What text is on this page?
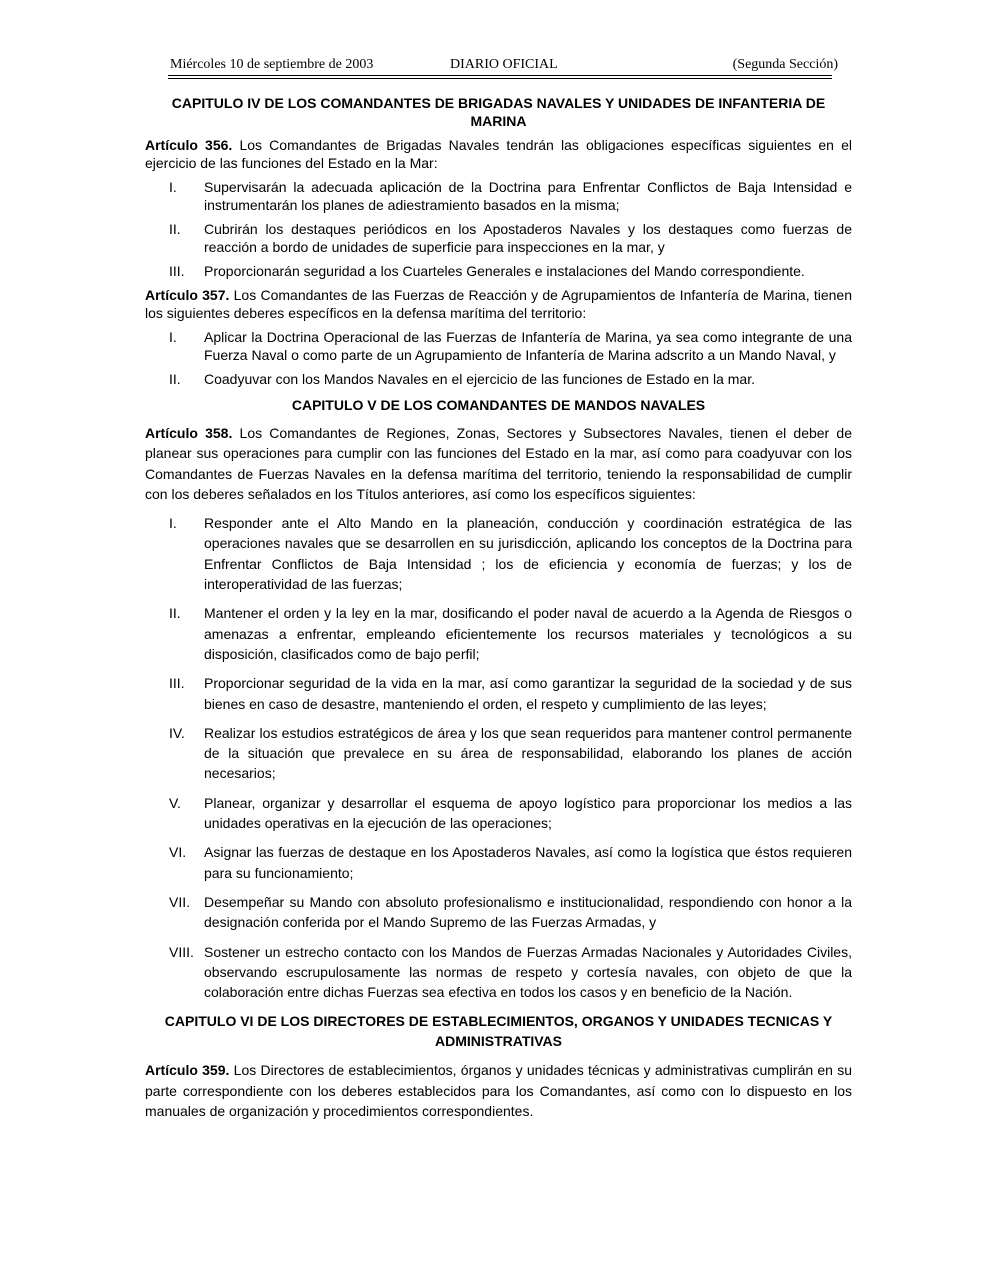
Miércoles 10 de septiembre de 2003	DIARIO OFICIAL	(Segunda Sección)

CAPITULO IV DE LOS COMANDANTES DE BRIGADAS NAVALES Y UNIDADES DE INFANTERIA DE MARINA

Artículo 356. Los Comandantes de Brigadas Navales tendrán las obligaciones específicas siguientes en el ejercicio de las funciones del Estado en la Mar:

I. Supervisarán la adecuada aplicación de la Doctrina para Enfrentar Conflictos de Baja Intensidad e instrumentarán los planes de adiestramiento basados en la misma;
II. Cubrirán los destaques periódicos en los Apostaderos Navales y los destaques como fuerzas de reacción a bordo de unidades de superficie para inspecciones en la mar, y
III. Proporcionarán seguridad a los Cuarteles Generales e instalaciones del Mando correspondiente.

Artículo 357. Los Comandantes de las Fuerzas de Reacción y de Agrupamientos de Infantería de Marina, tienen los siguientes deberes específicos en la defensa marítima del territorio:

I. Aplicar la Doctrina Operacional de las Fuerzas de Infantería de Marina, ya sea como integrante de una Fuerza Naval o como parte de un Agrupamiento de Infantería de Marina adscrito a un Mando Naval, y
II. Coadyuvar con los Mandos Navales en el ejercicio de las funciones de Estado en la mar.

CAPITULO V DE LOS COMANDANTES DE MANDOS NAVALES

Artículo 358. Los Comandantes de Regiones, Zonas, Sectores y Subsectores Navales, tienen el deber de planear sus operaciones para cumplir con las funciones del Estado en la mar, así como para coadyuvar con los Comandantes de Fuerzas Navales en la defensa marítima del territorio, teniendo la responsabilidad de cumplir con los deberes señalados en los Títulos anteriores, así como los específicos siguientes:

I. Responder ante el Alto Mando en la planeación, conducción y coordinación estratégica de las operaciones navales que se desarrollen en su jurisdicción, aplicando los conceptos de la Doctrina para Enfrentar Conflictos de Baja Intensidad ; los de eficiencia y economía de fuerzas; y los de interoperatividad de las fuerzas;
II. Mantener el orden y la ley en la mar, dosificando el poder naval de acuerdo a la Agenda de Riesgos o amenazas a enfrentar, empleando eficientemente los recursos materiales y tecnológicos a su disposición, clasificados como de bajo perfil;
III. Proporcionar seguridad de la vida en la mar, así como garantizar la seguridad de la sociedad y de sus bienes en caso de desastre, manteniendo el orden, el respeto y cumplimiento de las leyes;
IV. Realizar los estudios estratégicos de área y los que sean requeridos para mantener control permanente de la situación que prevalece en su área de responsabilidad, elaborando los planes de acción necesarios;
V. Planear, organizar y desarrollar el esquema de apoyo logístico para proporcionar los medios a las unidades operativas en la ejecución de las operaciones;
VI. Asignar las fuerzas de destaque en los Apostaderos Navales, así como la logística que éstos requieren para su funcionamiento;
VII. Desempeñar su Mando con absoluto profesionalismo e institucionalidad, respondiendo con honor a la designación conferida por el Mando Supremo de las Fuerzas Armadas, y
VIII. Sostener un estrecho contacto con los Mandos de Fuerzas Armadas Nacionales y Autoridades Civiles, observando escrupulosamente las normas de respeto y cortesía navales, con objeto de que la colaboración entre dichas Fuerzas sea efectiva en todos los casos y en beneficio de la Nación.

CAPITULO VI DE LOS DIRECTORES DE ESTABLECIMIENTOS, ORGANOS Y UNIDADES TECNICAS Y ADMINISTRATIVAS

Artículo 359. Los Directores de establecimientos, órganos y unidades técnicas y administrativas cumplirán en su parte correspondiente con los deberes establecidos para los Comandantes, así como con lo dispuesto en los manuales de organización y procedimientos correspondientes.
